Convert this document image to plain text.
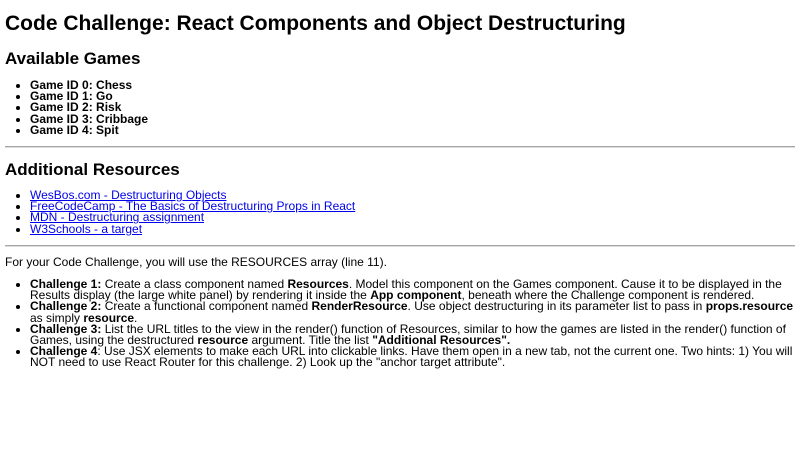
Code Challenge: React Components and Object Destructuring
Available Games
• Game ID 0: Chess
• Game ID 1: Go
• Game ID 2: Risk
• Game ID 3: Cribbage
• Game ID 4: Spit
Additional Resources
• WesBos.com - Destructuring Objects
• FreeCodeCamp - The Basics of Destructuring Props in React
• MDN - Destructuring assignment
• W3Schools - a target

For your Code Challenge, you will use the RESOURCES array (line 11).

• Challenge 1: Create a class component named Resources. Model this component on the Games component. Cause it to be displayed in the Results display (the large white panel) by rendering it inside the App component, beneath where the Challenge component is rendered.
• Challenge 2: Create a functional component named RenderResource. Use object destructuring in its parameter list to pass in props.resource as simply resource.
• Challenge 3: List the URL titles to the view in the render() function of Resources, similar to how the games are listed in the render() function of Games, using the destructured resource argument. Title the list "Additional Resources".
• Challenge 4: Use JSX elements to make each URL into clickable links. Have them open in a new tab, not the current one. Two hints: 1) You will NOT need to use React Router for this challenge. 2) Look up the "anchor target attribute".
